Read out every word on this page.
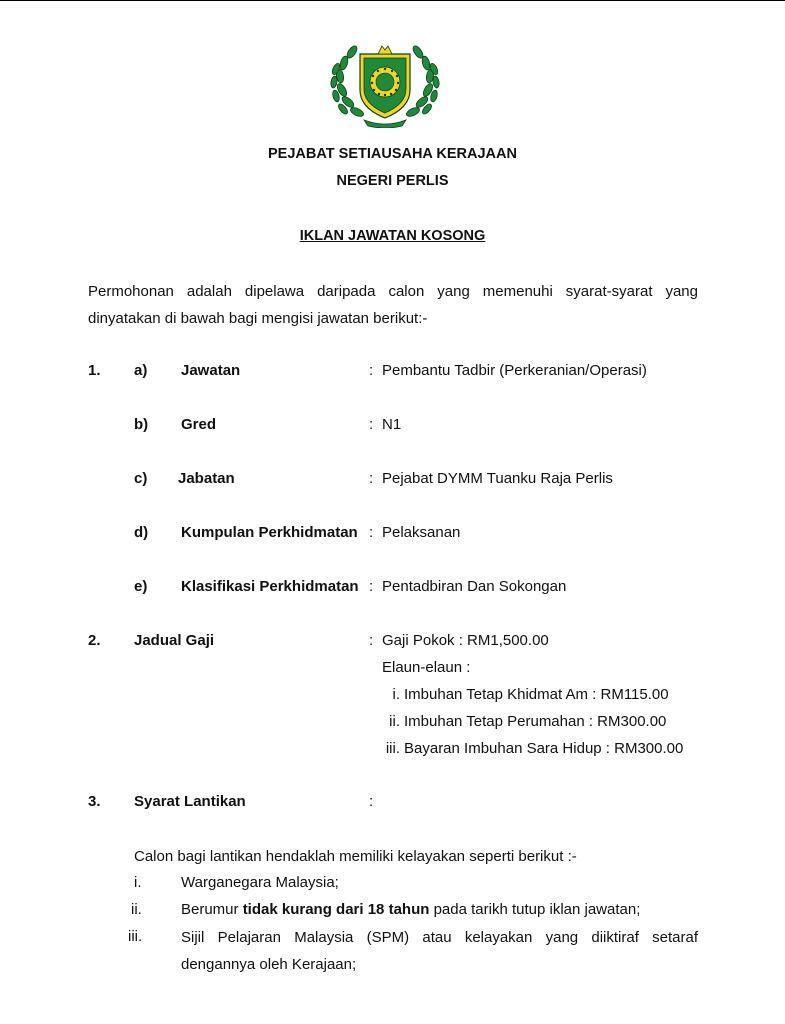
PEJABAT SETIAUSAHA KERAJAAN
NEGERI PERLIS
IKLAN JAWATAN KOSONG
Permohonan adalah dipelawa daripada calon yang memenuhi syarat-syarat yang
dinyatakan di bawah bagi mengisi jawatan berikut:-
1. a) Jawatan	: Pembantu Tadbir (Perkeranian/Operasi)
b) Gred	: N1
c) Jabatan	: Pejabat DYMM Tuanku Raja Perlis
d) Kumpulan Perkhidmatan : Pelaksanan
e) Klasifikasi Perkhidmatan : Pentadbiran Dan Sokongan
2. Jadual Gaji	: Gaji Pokok : RM1,500.00
Elaun-elaun :
i. Imbuhan Tetap Khidmat Am : RM115.00
ii. Imbuhan Tetap Perumahan : RM300.00
iii. Bayaran Imbuhan Sara Hidup : RM300.00
3. Syarat Lantikan	:
Calon bagi lantikan hendaklah memiliki kelayakan seperti berikut :-
i.	Warganegara Malaysia;
ii.	Berumur tidak kurang dari 18 tahun pada tarikh tutup iklan jawatan;
iii.	Sijil Pelajaran Malaysia (SPM) atau kelayakan yang diiktiraf setaraf
dengannya oleh Kerajaan;
